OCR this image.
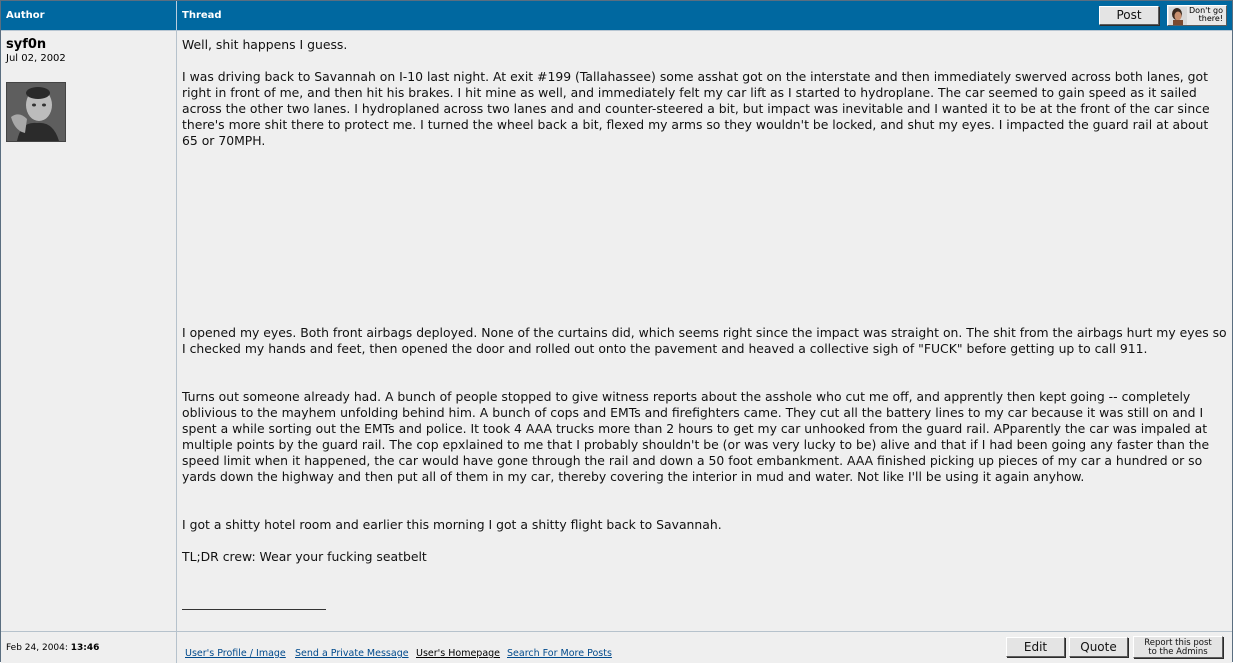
Author	Thread	Post	Don't go
there!
syf0n
Jul 02, 2002
Well, shit happens I guess.
I was driving back to Savannah on I-10 last night. At exit #199 (Tallahassee) some asshat got on the interstate and then immediately swerved across both lanes, got right in front of me, and then hit his brakes. I hit mine as well, and immediately felt my car lift as I started to hydroplane. The car seemed to gain speed as it sailed across the other two lanes. I hydroplaned across two lanes and and counter-steered a bit, but impact was inevitable and I wanted it to be at the front of the car since there's more shit there to protect me. I turned the wheel back a bit, flexed my arms so they wouldn't be locked, and shut my eyes. I impacted the guard rail at about 65 or 70MPH.
I opened my eyes. Both front airbags deployed. None of the curtains did, which seems right since the impact was straight on. The shit from the airbags hurt my eyes so I checked my hands and feet, then opened the door and rolled out onto the pavement and heaved a collective sigh of "FUCK" before getting up to call 911.
Turns out someone already had. A bunch of people stopped to give witness reports about the asshole who cut me off, and apprently then kept going -- completely oblivious to the mayhem unfolding behind him. A bunch of cops and EMTs and firefighters came. They cut all the battery lines to my car because it was still on and I spent a while sorting out the EMTs and police. It took 4 AAA trucks more than 2 hours to get my car unhooked from the guard rail. APparently the car was impaled at multiple points by the guard rail. The cop epxlained to me that I probably shouldn't be (or was very lucky to be) alive and that if I had been going any faster than the speed limit when it happened, the car would have gone through the rail and down a 50 foot embankment. AAA finished picking up pieces of my car a hundred or so yards down the highway and then put all of them in my car, thereby covering the interior in mud and water. Not like I'll be using it again anyhow.
I got a shitty hotel room and earlier this morning I got a shitty flight back to Savannah.
TL;DR crew: Wear your fucking seatbelt
Feb 24, 2004: 13:46	User's Profile / Image Send a Private Message User's Homepage Search For More Posts	Edit	Quote	Report this post
to the Admins
